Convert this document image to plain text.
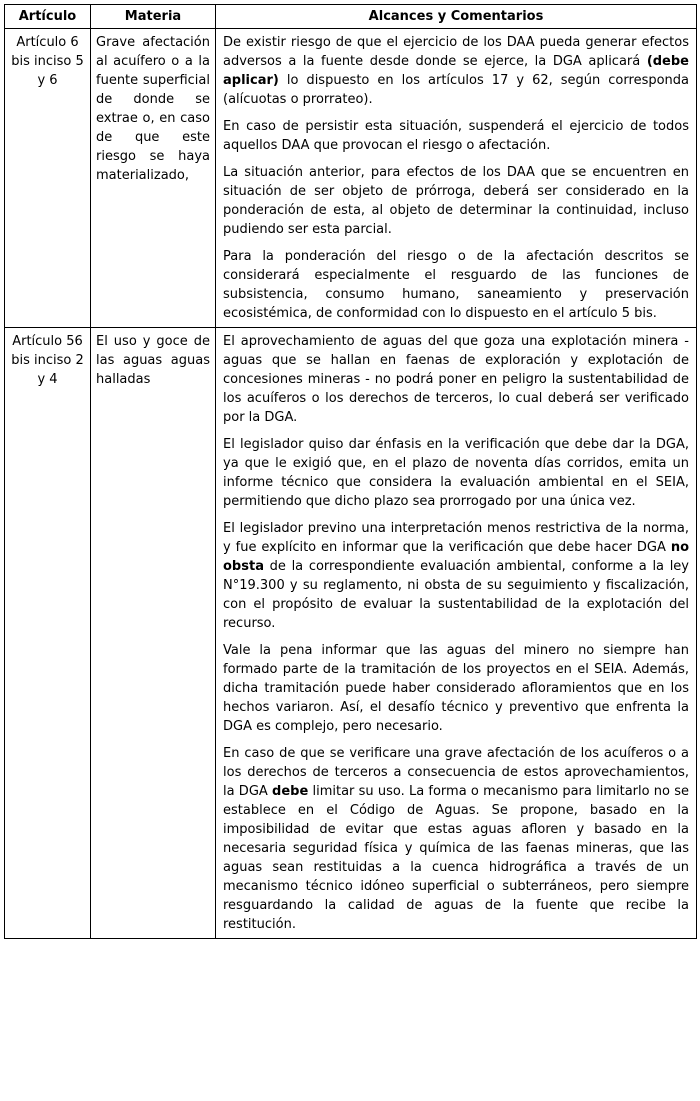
Artículo	Materia	Alcances y Comentarios
Artículo 6 bis inciso 5 y 6	Grave afectación al acuífero o a la fuente superficial de donde se extrae o, en caso de que este riesgo se haya materializado,	De existir riesgo de que el ejercicio de los DAA pueda generar efectos adversos a la fuente desde donde se ejerce, la DGA aplicará (debe aplicar) lo dispuesto en los artículos 17 y 62, según corresponda (alícuotas o prorrateo).

En caso de persistir esta situación, suspenderá el ejercicio de todos aquellos DAA que provocan el riesgo o afectación.

La situación anterior, para efectos de los DAA que se encuentren en situación de ser objeto de prórroga, deberá ser considerado en la ponderación de esta, al objeto de determinar la continuidad, incluso pudiendo ser esta parcial.

Para la ponderación del riesgo o de la afectación descritos se considerará especialmente el resguardo de las funciones de subsistencia, consumo humano, saneamiento y preservación ecosistémica, de conformidad con lo dispuesto en el artículo 5 bis.

Artículo 56 bis inciso 2 y 4	El uso y goce de las aguas aguas halladas	El aprovechamiento de aguas del que goza una explotación minera - aguas que se hallan en faenas de exploración y explotación de concesiones mineras - no podrá poner en peligro la sustentabilidad de los acuíferos o los derechos de terceros, lo cual deberá ser verificado por la DGA.

El legislador quiso dar énfasis en la verificación que debe dar la DGA, ya que le exigió que, en el plazo de noventa días corridos, emita un informe técnico que considera la evaluación ambiental en el SEIA, permitiendo que dicho plazo sea prorrogado por una única vez.

El legislador previno una interpretación menos restrictiva de la norma, y fue explícito en informar que la verificación que debe hacer DGA no obsta de la correspondiente evaluación ambiental, conforme a la ley N°19.300 y su reglamento, ni obsta de su seguimiento y fiscalización, con el propósito de evaluar la sustentabilidad de la explotación del recurso.

Vale la pena informar que las aguas del minero no siempre han formado parte de la tramitación de los proyectos en el SEIA. Además, dicha tramitación puede haber considerado afloramientos que en los hechos variaron. Así, el desafío técnico y preventivo que enfrenta la DGA es complejo, pero necesario.

En caso de que se verificare una grave afectación de los acuíferos o a los derechos de terceros a consecuencia de estos aprovechamientos, la DGA debe limitar su uso. La forma o mecanismo para limitarlo no se establece en el Código de Aguas. Se propone, basado en la imposibilidad de evitar que estas aguas afloren y basado en la necesaria seguridad física y química de las faenas mineras, que las aguas sean restituidas a la cuenca hidrográfica a través de un mecanismo técnico idóneo superficial o subterráneos, pero siempre resguardando la calidad de aguas de la fuente que recibe la restitución.
